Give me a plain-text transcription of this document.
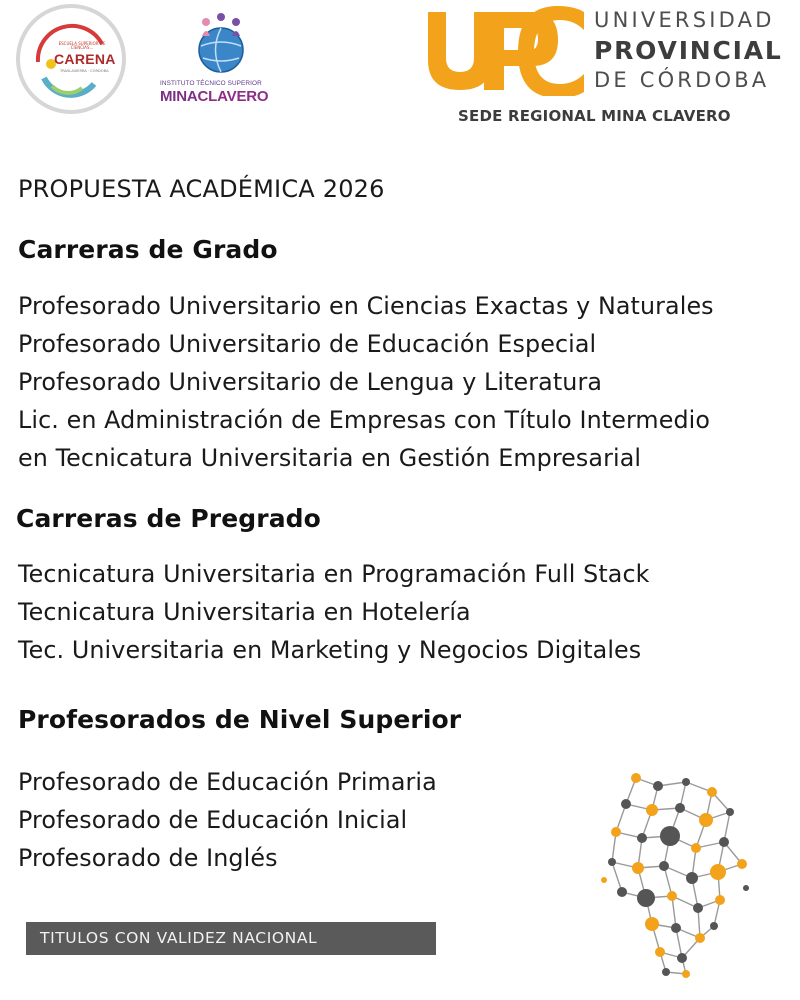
ESCUELA SUPERIOR DE CIENCIAS...
CARENA
TRASLASIERRA · CÓRDOBA
INSTITUTO TÉCNICO SUPERIOR
MINACLAVERO
UNIVERSIDAD
PROVINCIAL
DE CÓRDOBA
SEDE REGIONAL MINA CLAVERO
PROPUESTA ACADÉMICA 2026
Carreras de Grado
Profesorado Universitario en Ciencias Exactas y Naturales
Profesorado Universitario de Educación Especial
Profesorado Universitario de Lengua y Literatura
Lic. en Administración de Empresas con Título Intermedio
en Tecnicatura Universitaria en Gestión Empresarial
Carreras de Pregrado
Tecnicatura Universitaria en Programación Full Stack
Tecnicatura Universitaria en Hotelería
Tec. Universitaria en Marketing y Negocios Digitales
Profesorados de Nivel Superior
Profesorado de Educación Primaria
Profesorado de Educación Inicial
Profesorado de Inglés
TITULOS CON VALIDEZ NACIONAL
